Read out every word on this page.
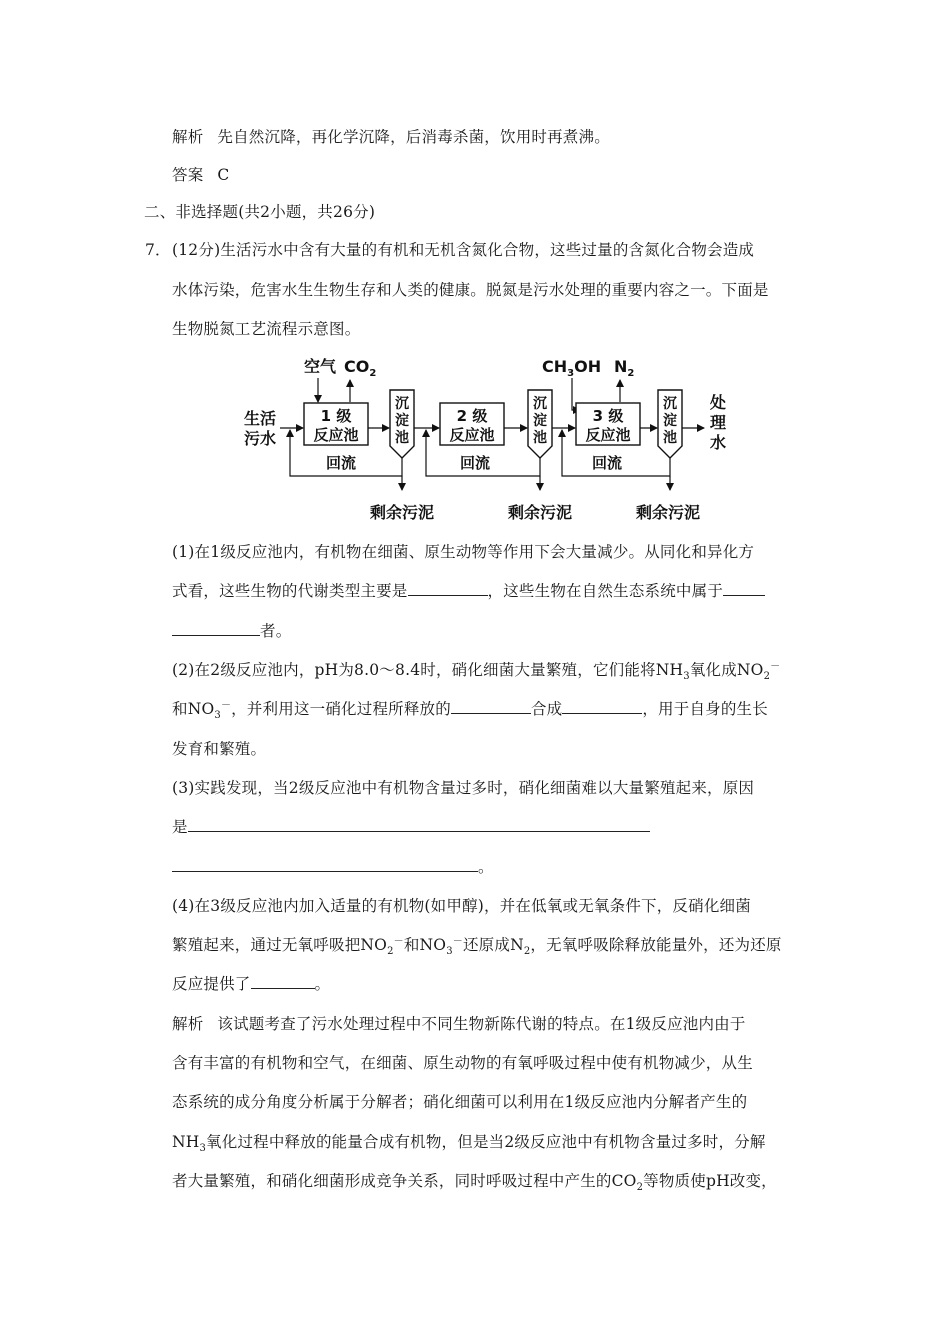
解析 先自然沉降，再化学沉降，后消毒杀菌，饮用时再煮沸。
答案 C
二、非选择题(共2小题，共26分)
7． (12分)生活污水中含有大量的有机和无机含氮化合物，这些过量的含氮化合物会造成
水体污染，危害水生生物生存和人类的健康。脱氮是污水处理的重要内容之一。下面是
生物脱氮工艺流程示意图。
生活
污水
空气 $CO_2$
1 级
反应池
沉
淀
池
2 级
反应池
沉
淀
池
$CH_3OH$ $N_2$
3 级
反应池
沉
淀
池
处
理
水
回流	回流	回流
剩余污泥	剩余污泥	剩余污泥
(1)在1级反应池内，有机物在细菌、原生动物等作用下会大量减少。从同化和异化方
式看，这些生物的代谢类型主要是	，这些生物在自然生态系统中属于
者。
(2)在2级反应池内，pH为8.0～8.4时，硝化细菌大量繁殖，它们能将$NH_3$氧化成$NO_2^-$
和$NO_3^-$，并利用这一硝化过程所释放的	合成	，用于自身的生长
发育和繁殖。
(3)实践发现，当2级反应池中有机物含量过多时，硝化细菌难以大量繁殖起来，原因
是
。
(4)在3级反应池内加入适量的有机物(如甲醇)，并在低氧或无氧条件下，反硝化细菌
繁殖起来，通过无氧呼吸把$NO_2^-$和$NO_3^-$还原成$N_2$，无氧呼吸除释放能量外，还为还原
反应提供了	。
解析 该试题考查了污水处理过程中不同生物新陈代谢的特点。在1级反应池内由于
含有丰富的有机物和空气，在细菌、原生动物的有氧呼吸过程中使有机物减少，从生
态系统的成分角度分析属于分解者；硝化细菌可以利用在1级反应池内分解者产生的
$NH_3$氧化过程中释放的能量合成有机物，但是当2级反应池中有机物含量过多时，分解
者大量繁殖，和硝化细菌形成竞争关系，同时呼吸过程中产生的$CO_2$等物质使pH改变，
